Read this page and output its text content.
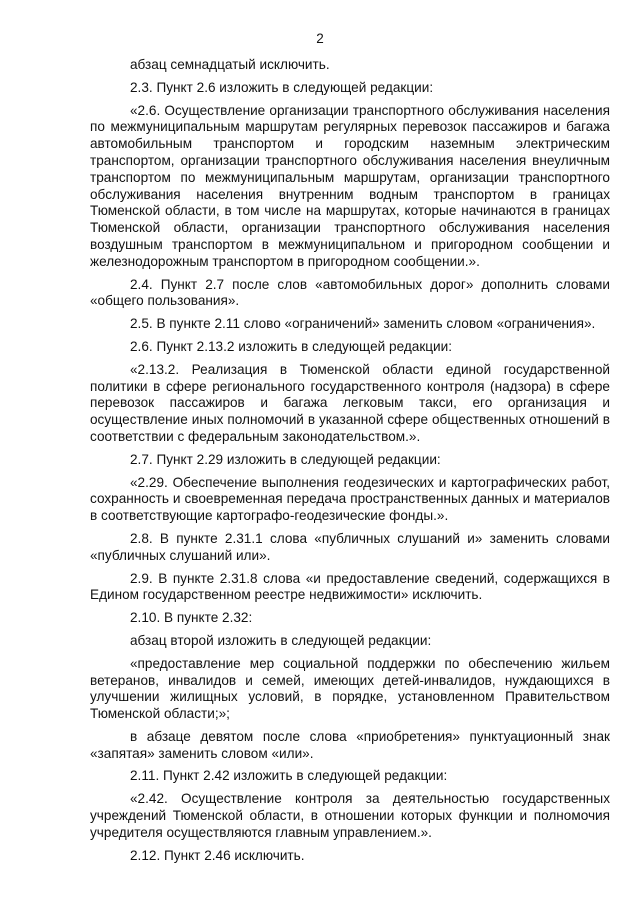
2

абзац семнадцатый исключить.

2.3. Пункт 2.6 изложить в следующей редакции:

«2.6. Осуществление организации транспортного обслуживания населения по межмуниципальным маршрутам регулярных перевозок пассажиров и багажа автомобильным транспортом и городским наземным электрическим транспортом, организации транспортного обслуживания населения внеуличным транспортом по межмуниципальным маршрутам, организации транспортного обслуживания населения внутренним водным транспортом в границах Тюменской области, в том числе на маршрутах, которые начинаются в границах Тюменской области, организации транспортного обслуживания населения воздушным транспортом в межмуниципальном и пригородном сообщении и железнодорожным транспортом в пригородном сообщении.».

2.4. Пункт 2.7 после слов «автомобильных дорог» дополнить словами «общего пользования».

2.5. В пункте 2.11 слово «ограничений» заменить словом «ограничения».

2.6. Пункт 2.13.2 изложить в следующей редакции:

«2.13.2. Реализация в Тюменской области единой государственной политики в сфере регионального государственного контроля (надзора) в сфере перевозок пассажиров и багажа легковым такси, его организация и осуществление иных полномочий в указанной сфере общественных отношений в соответствии с федеральным законодательством.».

2.7. Пункт 2.29 изложить в следующей редакции:

«2.29. Обеспечение выполнения геодезических и картографических работ, сохранность и своевременная передача пространственных данных и материалов в соответствующие картографо-геодезические фонды.».

2.8. В пункте 2.31.1 слова «публичных слушаний и» заменить словами «публичных слушаний или».

2.9. В пункте 2.31.8 слова «и предоставление сведений, содержащихся в Едином государственном реестре недвижимости» исключить.

2.10. В пункте 2.32:

абзац второй изложить в следующей редакции:

«предоставление мер социальной поддержки по обеспечению жильем ветеранов, инвалидов и семей, имеющих детей-инвалидов, нуждающихся в улучшении жилищных условий, в порядке, установленном Правительством Тюменской области;»;

в абзаце девятом после слова «приобретения» пунктуационный знак «запятая» заменить словом «или».

2.11. Пункт 2.42 изложить в следующей редакции:

«2.42. Осуществление контроля за деятельностью государственных учреждений Тюменской области, в отношении которых функции и полномочия учредителя осуществляются главным управлением.».

2.12. Пункт 2.46 исключить.
